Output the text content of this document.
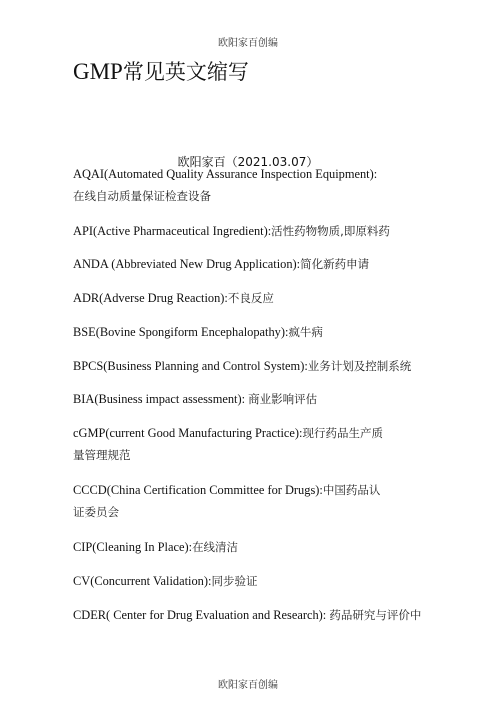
欧阳家百创编
GMP常见英文缩写
欧阳家百（2021.03.07）
AQAI(Automated Quality Assurance Inspection Equipment):在线自动质量保证检查设备
API(Active Pharmaceutical Ingredient):活性药物物质,即原料药
ANDA (Abbreviated New Drug Application):简化新药申请
ADR(Adverse Drug Reaction):不良反应
BSE(Bovine Spongiform Encephalopathy):疯牛病
BPCS(Business Planning and Control System):业务计划及控制系统
BIA(Business impact assessment): 商业影响评估
cGMP(current Good Manufacturing Practice):现行药品生产质量管理规范
CCCD(China Certification Committee for Drugs):中国药品认证委员会
CIP(Cleaning In Place):在线清洁
CV(Concurrent Validation):同步验证
CDER( Center for Drug Evaluation and Research): 药品研究与评价中
欧阳家百创编
